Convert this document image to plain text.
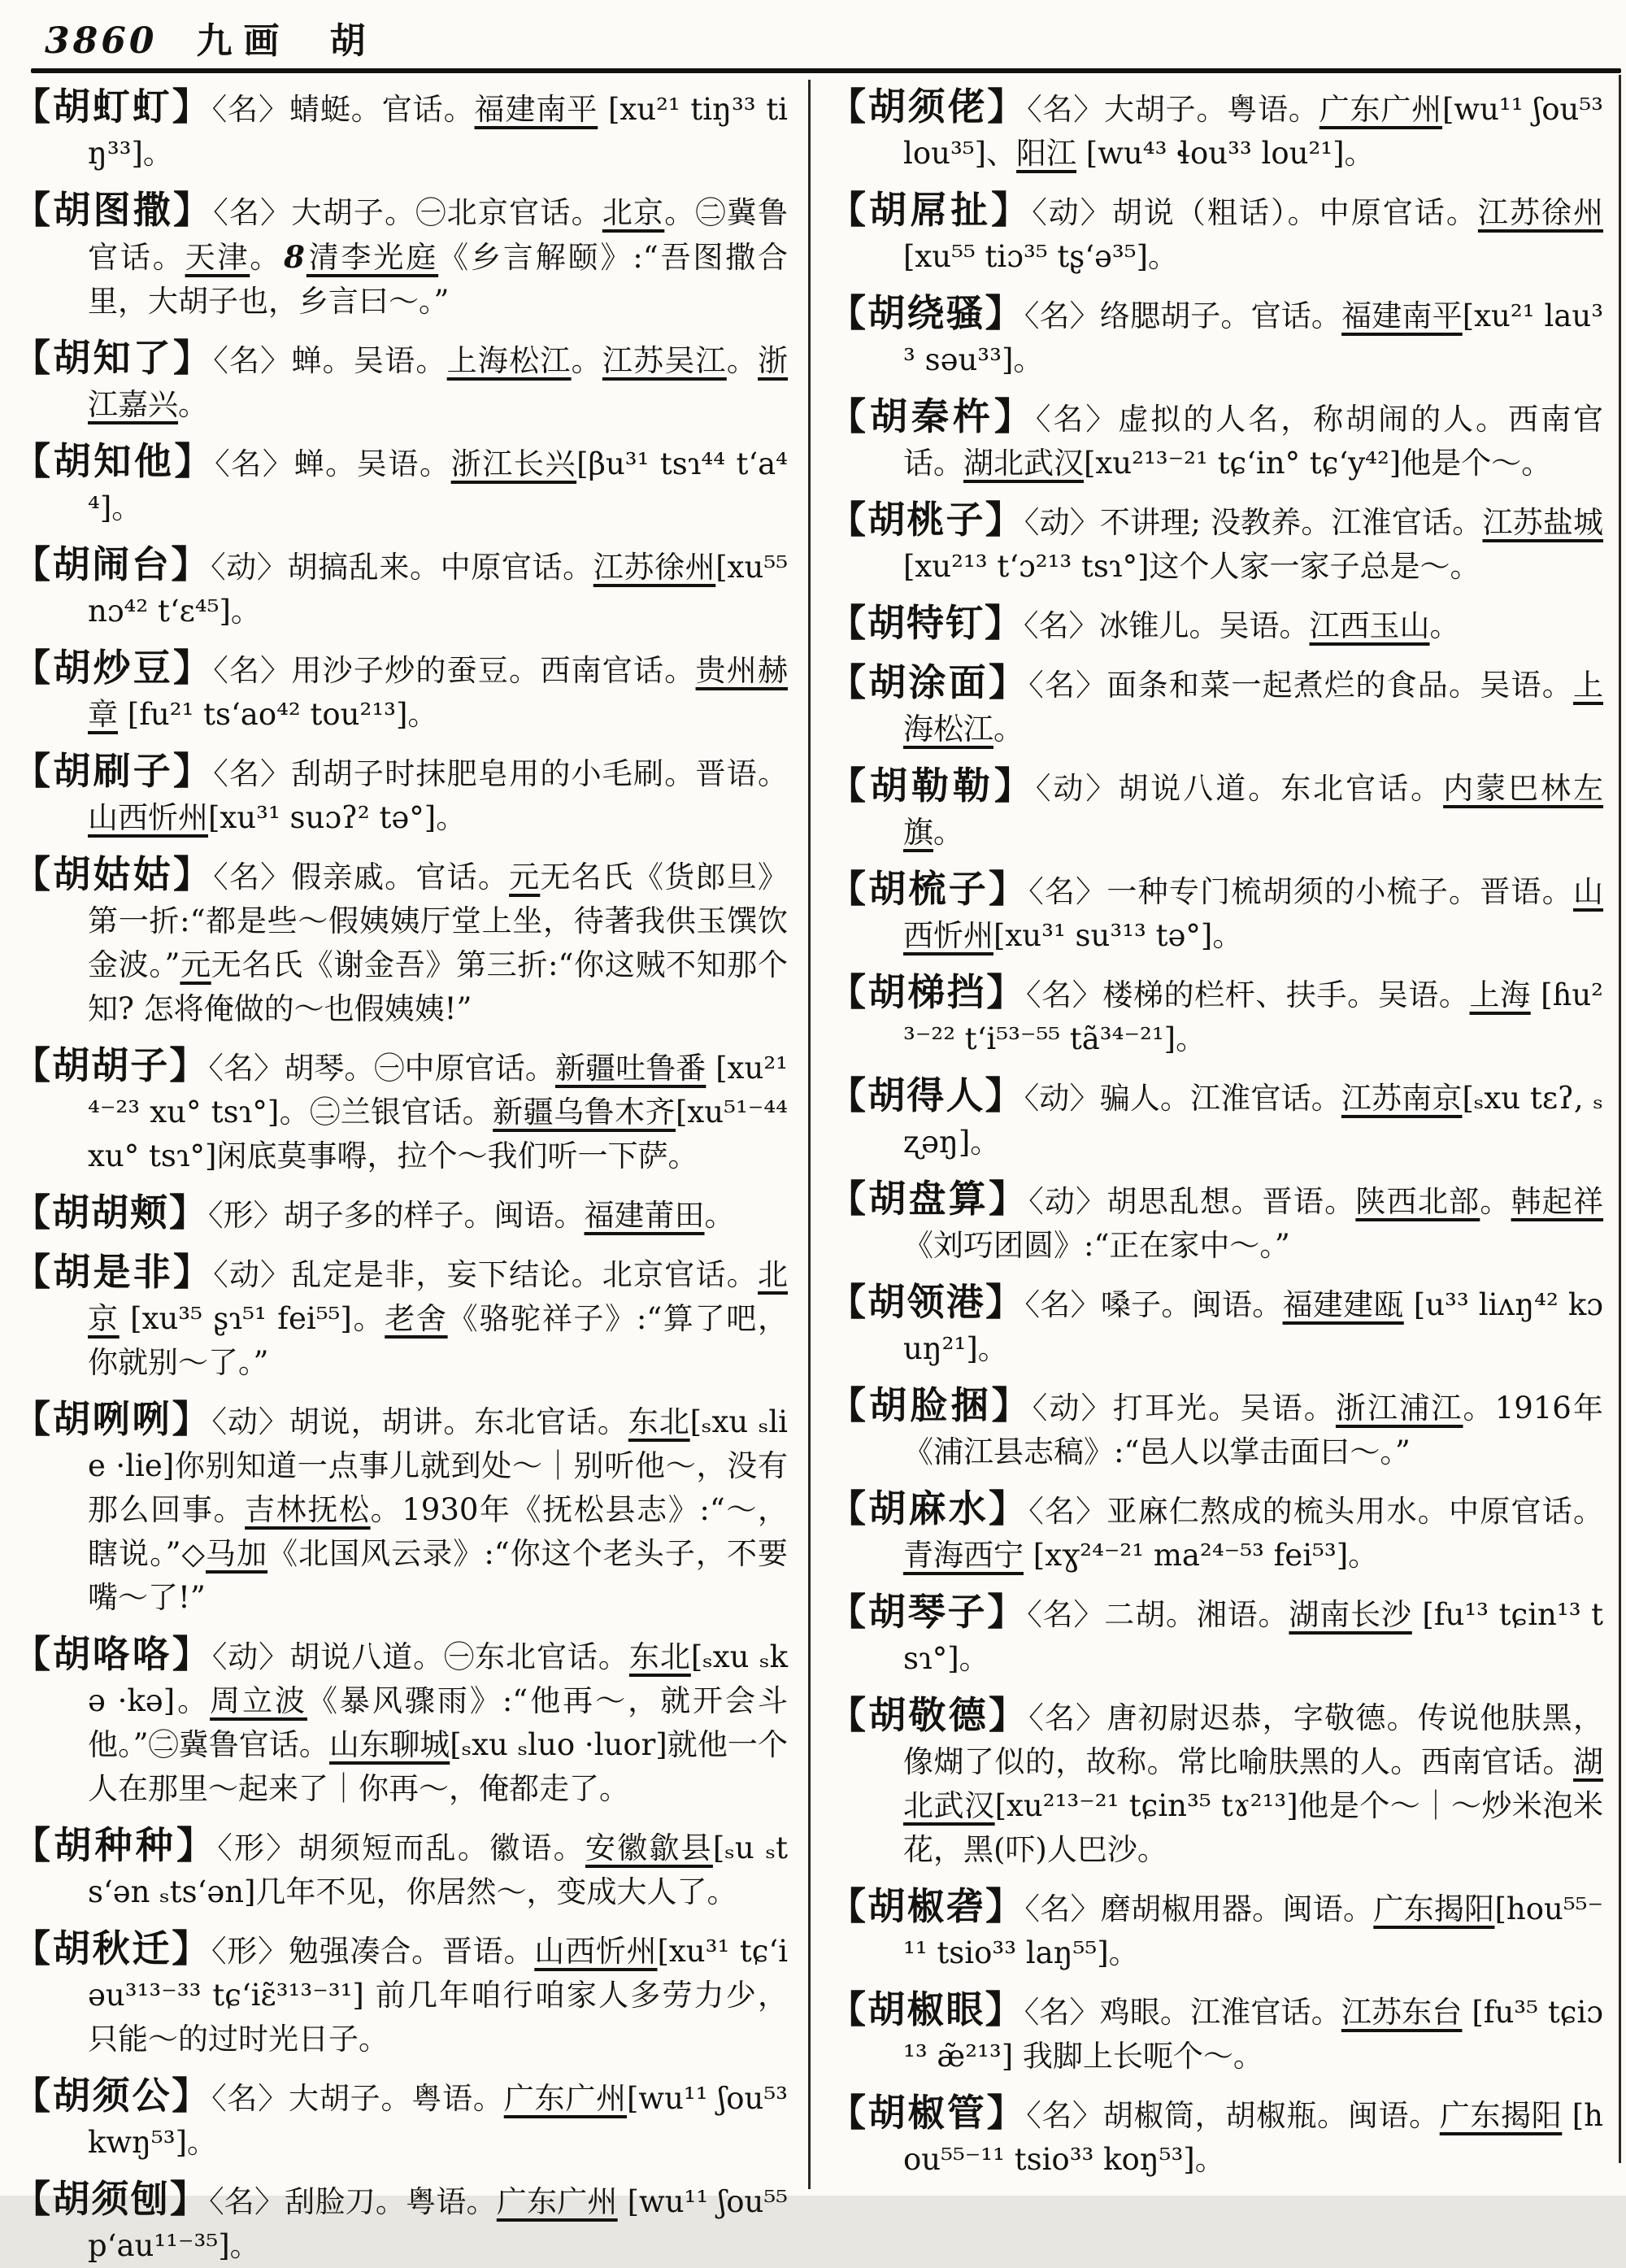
3860 九画 胡

【胡虰虰】〈名〉蜻蜓。官话。福建南平 [xu²¹ tiŋ³³ tiŋ³³]。

【胡图撒】〈名〉大胡子。㊀北京官话。北京。㊁冀鲁官话。天津。8清李光庭《乡言解颐》:“吾图撒合里，大胡子也，乡言曰～。”

【胡知了】〈名〉蝉。吴语。上海松江。江苏吴江。浙江嘉兴。

【胡知他】〈名〉蝉。吴语。浙江长兴[βu³¹ tsɿ⁴⁴ t‘a⁴⁴]。

【胡闹台】〈动〉胡搞乱来。中原官话。江苏徐州[xu⁵⁵ nɔ⁴² t‘ɛ⁴⁵]。

【胡炒豆】〈名〉用沙子炒的蚕豆。西南官话。贵州赫章 [fu²¹ ts‘ao⁴² tou²¹³]。

【胡刷子】〈名〉刮胡子时抹肥皂用的小毛刷。晋语。山西忻州[xu³¹ suɔʔ² tə°]。

【胡姑姑】〈名〉假亲戚。官话。元无名氏《货郎旦》第一折:“都是些～假姨姨厅堂上坐，待著我供玉馔饮金波。”元无名氏《谢金吾》第三折:“你这贼不知那个知? 怎将俺做的～也假姨姨!”

【胡胡子】〈名〉胡琴。㊀中原官话。新疆吐鲁番 [xu²¹⁴⁻²³ xu° tsɿ°]。㊁兰银官话。新疆乌鲁木齐[xu⁵¹⁻⁴⁴ xu° tsɿ°]闲底莫事嘚，拉个～我们听一下萨。

【胡胡颊】〈形〉胡子多的样子。闽语。福建莆田。

【胡是非】〈动〉乱定是非，妄下结论。北京官话。北京 [xu³⁵ ʂɿ⁵¹ fei⁵⁵]。老舍《骆驼祥子》:“算了吧，你就别～了。”

【胡咧咧】〈动〉胡说，胡讲。东北官话。东北[ₛxu ₛlie ·lie]你别知道一点事儿就到处～｜别听他～，没有那么回事。吉林抚松。1930年《抚松县志》:“～，瞎说。”◇马加《北国风云录》:“你这个老头子，不要嘴～了!”

【胡咯咯】〈动〉胡说八道。㊀东北官话。东北[ₛxu ₛkə ·kə]。周立波《暴风骤雨》:“他再～，就开会斗他。”㊁冀鲁官话。山东聊城[ₛxu ₛluo ·luor]就他一个人在那里～起来了｜你再～，俺都走了。

【胡种种】〈形〉胡须短而乱。徽语。安徽歙县[ₛu ₛts‘ən ₛts‘ən]几年不见，你居然～，变成大人了。

【胡秋迁】〈形〉勉强凑合。晋语。山西忻州[xu³¹ tɕ‘iəu³¹³⁻³³ tɕ‘iɛ̃³¹³⁻³¹] 前几年咱行咱家人多劳力少，只能～的过时光日子。

【胡须公】〈名〉大胡子。粤语。广东广州[wu¹¹ ʃou⁵³ kwŋ⁵³]。

【胡须刨】〈名〉刮脸刀。粤语。广东广州 [wu¹¹ ʃou⁵⁵ p‘au¹¹⁻³⁵]。

【胡须佬】〈名〉大胡子。粤语。广东广州[wu¹¹ ʃou⁵³ lou³⁵]、阳江 [wu⁴³ ɬou³³ lou²¹]。

【胡屌扯】〈动〉胡说（粗话）。中原官话。江苏徐州 [xu⁵⁵ tiɔ³⁵ tʂ‘ə³⁵]。

【胡绕骚】〈名〉络腮胡子。官话。福建南平[xu²¹ lau³³ səu³³]。

【胡秦杵】〈名〉虚拟的人名，称胡闹的人。西南官话。湖北武汉[xu²¹³⁻²¹ tɕ‘in° tɕ‘y⁴²]他是个～。

【胡桃子】〈动〉不讲理; 没教养。江淮官话。江苏盐城 [xu²¹³ t‘ɔ²¹³ tsɿ°]这个人家一家子总是～。

【胡特钉】〈名〉冰锥儿。吴语。江西玉山。

【胡涂面】〈名〉面条和菜一起煮烂的食品。吴语。上海松江。

【胡勒勒】〈动〉胡说八道。东北官话。内蒙巴林左旗。

【胡梳子】〈名〉一种专门梳胡须的小梳子。晋语。山西忻州[xu³¹ su³¹³ tə°]。

【胡梯挡】〈名〉楼梯的栏杆、扶手。吴语。上海 [ɦu²³⁻²² t‘i⁵³⁻⁵⁵ tã³⁴⁻²¹]。

【胡得人】〈动〉骗人。江淮官话。江苏南京[ₛxu tɛʔ, ₛʐəŋ]。

【胡盘算】〈动〉胡思乱想。晋语。陕西北部。韩起祥《刘巧团圆》:“正在家中～。”

【胡领港】〈名〉嗓子。闽语。福建建瓯 [u³³ liʌŋ⁴² kɔuŋ²¹]。

【胡脸捆】〈动〉打耳光。吴语。浙江浦江。1916年《浦江县志稿》:“邑人以掌击面曰～。”

【胡麻水】〈名〉亚麻仁熬成的梳头用水。中原官话。青海西宁 [xɣ²⁴⁻²¹ ma²⁴⁻⁵³ fei⁵³]。

【胡琴子】〈名〉二胡。湘语。湖南长沙 [fu¹³ tɕin¹³ tsɿ°]。

【胡敬德】〈名〉唐初尉迟恭，字敬德。传说他肤黑，像煳了似的，故称。常比喻肤黑的人。西南官话。湖北武汉[xu²¹³⁻²¹ tɕin³⁵ tɤ²¹³]他是个～｜～炒米泡米花，黑(吓)人巴沙。

【胡椒砻】〈名〉磨胡椒用器。闽语。广东揭阳[hou⁵⁵⁻¹¹ tsio³³ laŋ⁵⁵]。

【胡椒眼】〈名〉鸡眼。江淮官话。江苏东台 [fu³⁵ tɕiɔ¹³ æ̃²¹³] 我脚上长呃个～。

【胡椒管】〈名〉胡椒筒，胡椒瓶。闽语。广东揭阳 [hou⁵⁵⁻¹¹ tsio³³ koŋ⁵³]。
